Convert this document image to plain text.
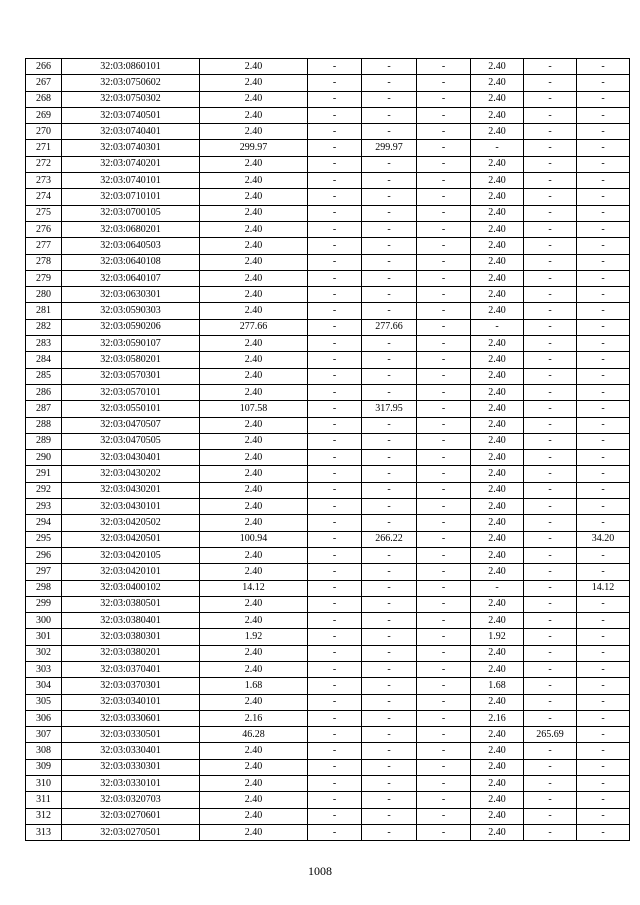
266	32:03:0860101	2.40	-	-	-	2.40	-	-
267	32:03:0750602	2.40	-	-	-	2.40	-	-
268	32:03:0750302	2.40	-	-	-	2.40	-	-
269	32:03:0740501	2.40	-	-	-	2.40	-	-
270	32:03:0740401	2.40	-	-	-	2.40	-	-
271	32:03:0740301	299.97	-	299.97	-	-	-	-
272	32:03:0740201	2.40	-	-	-	2.40	-	-
273	32:03:0740101	2.40	-	-	-	2.40	-	-
274	32:03:0710101	2.40	-	-	-	2.40	-	-
275	32:03:0700105	2.40	-	-	-	2.40	-	-
276	32:03:0680201	2.40	-	-	-	2.40	-	-
277	32:03:0640503	2.40	-	-	-	2.40	-	-
278	32:03:0640108	2.40	-	-	-	2.40	-	-
279	32:03:0640107	2.40	-	-	-	2.40	-	-
280	32:03:0630301	2.40	-	-	-	2.40	-	-
281	32:03:0590303	2.40	-	-	-	2.40	-	-
282	32:03:0590206	277.66	-	277.66	-	-	-	-
283	32:03:0590107	2.40	-	-	-	2.40	-	-
284	32:03:0580201	2.40	-	-	-	2.40	-	-
285	32:03:0570301	2.40	-	-	-	2.40	-	-
286	32:03:0570101	2.40	-	-	-	2.40	-	-
287	32:03:0550101	107.58	-	317.95	-	2.40	-	-
288	32:03:0470507	2.40	-	-	-	2.40	-	-
289	32:03:0470505	2.40	-	-	-	2.40	-	-
290	32:03:0430401	2.40	-	-	-	2.40	-	-
291	32:03:0430202	2.40	-	-	-	2.40	-	-
292	32:03:0430201	2.40	-	-	-	2.40	-	-
293	32:03:0430101	2.40	-	-	-	2.40	-	-
294	32:03:0420502	2.40	-	-	-	2.40	-	-
295	32:03:0420501	100.94	-	266.22	-	2.40	-	34.20
296	32:03:0420105	2.40	-	-	-	2.40	-	-
297	32:03:0420101	2.40	-	-	-	2.40	-	-
298	32:03:0400102	14.12	-	-	-	-	-	14.12
299	32:03:0380501	2.40	-	-	-	2.40	-	-
300	32:03:0380401	2.40	-	-	-	2.40	-	-
301	32:03:0380301	1.92	-	-	-	1.92	-	-
302	32:03:0380201	2.40	-	-	-	2.40	-	-
303	32:03:0370401	2.40	-	-	-	2.40	-	-
304	32:03:0370301	1.68	-	-	-	1.68	-	-
305	32:03:0340101	2.40	-	-	-	2.40	-	-
306	32:03:0330601	2.16	-	-	-	2.16	-	-
307	32:03:0330501	46.28	-	-	-	2.40	265.69	-
308	32:03:0330401	2.40	-	-	-	2.40	-	-
309	32:03:0330301	2.40	-	-	-	2.40	-	-
310	32:03:0330101	2.40	-	-	-	2.40	-	-
311	32:03:0320703	2.40	-	-	-	2.40	-	-
312	32:03:0270601	2.40	-	-	-	2.40	-	-
313	32:03:0270501	2.40	-	-	-	2.40	-	-
1008
